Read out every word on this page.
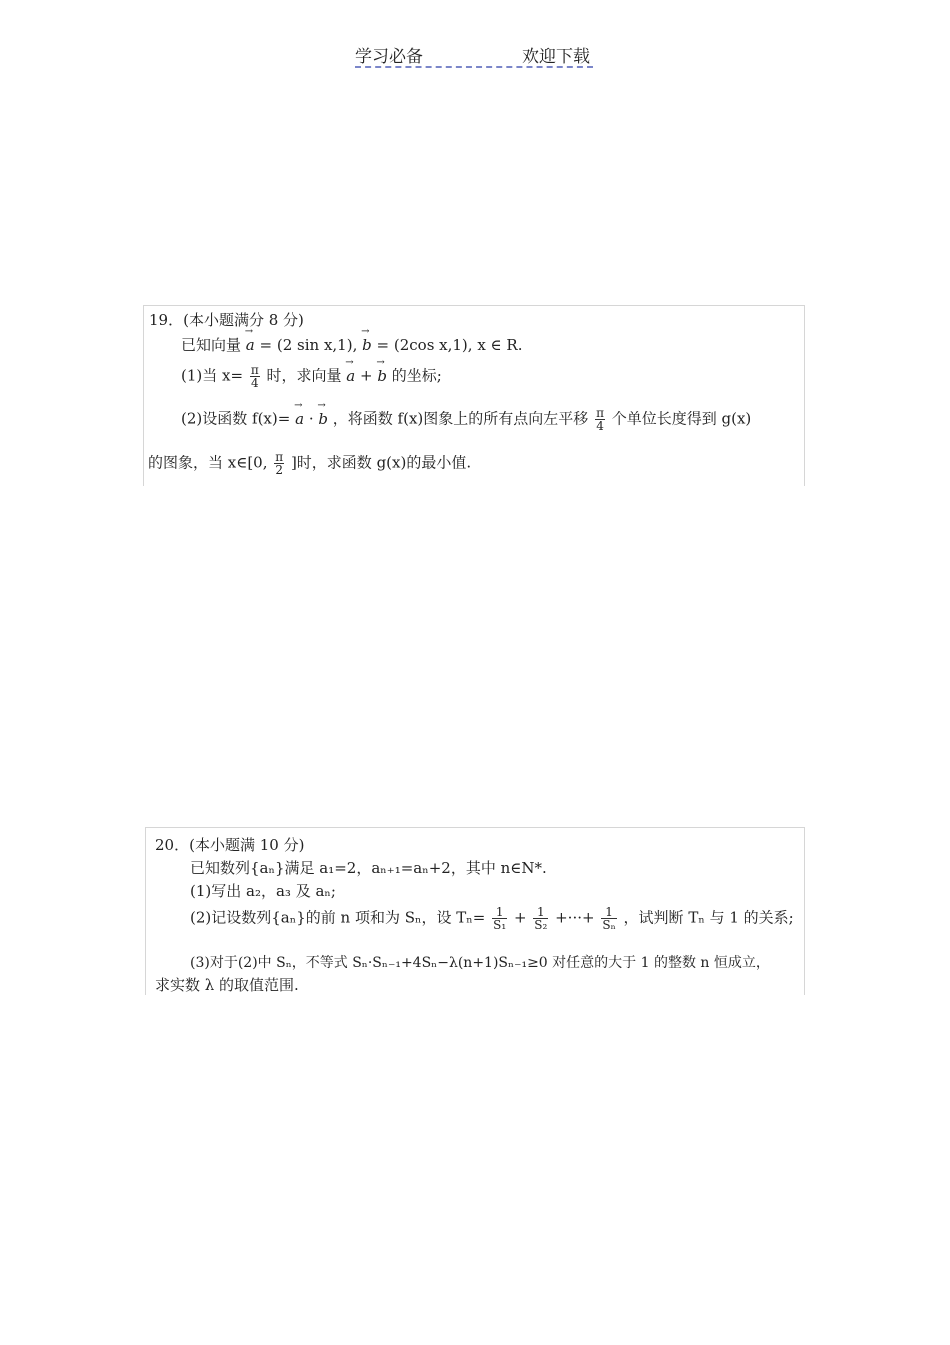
学习必备	欢迎下载
19．(本小题满分 8 分)
已知向量 → a = (2 sin x,1), → b = (2cos x,1), x ∈ R.
(1)当 $x= \frac{\pi}{4}$ 时，求向量 → a + → b 的坐标;
(2)设函数 f(x)= → a · → b ，将函数 f(x)图象上的所有点向左平移 $\frac{\pi}{4}$ 个单位长度得到 g(x)
的图象，当 x∈[0, $\frac{\pi}{2}$ ]时，求函数 g(x)的最小值.
20．(本小题满 10 分)
已知数列{aₙ}满足 a₁=2，aₙ₊₁=aₙ+2，其中 n∈N*.
(1)写出 a₂，a₃ 及 aₙ;
(2)记设数列{aₙ}的前 n 项和为 Sₙ，设 $T_n= \frac{1}{\text{S₁}} + \frac{1}{\text{S₂}}$ +···+ $\frac{1}{\text{Sₙ}}$ ，试判断 Tₙ 与 1 的关系;
(3)对于(2)中 Sₙ，不等式 Sₙ·Sₙ₋₁+4Sₙ−λ(n+1)Sₙ₋₁≥0 对任意的大于 1 的整数 n 恒成立，
求实数 λ 的取值范围.
